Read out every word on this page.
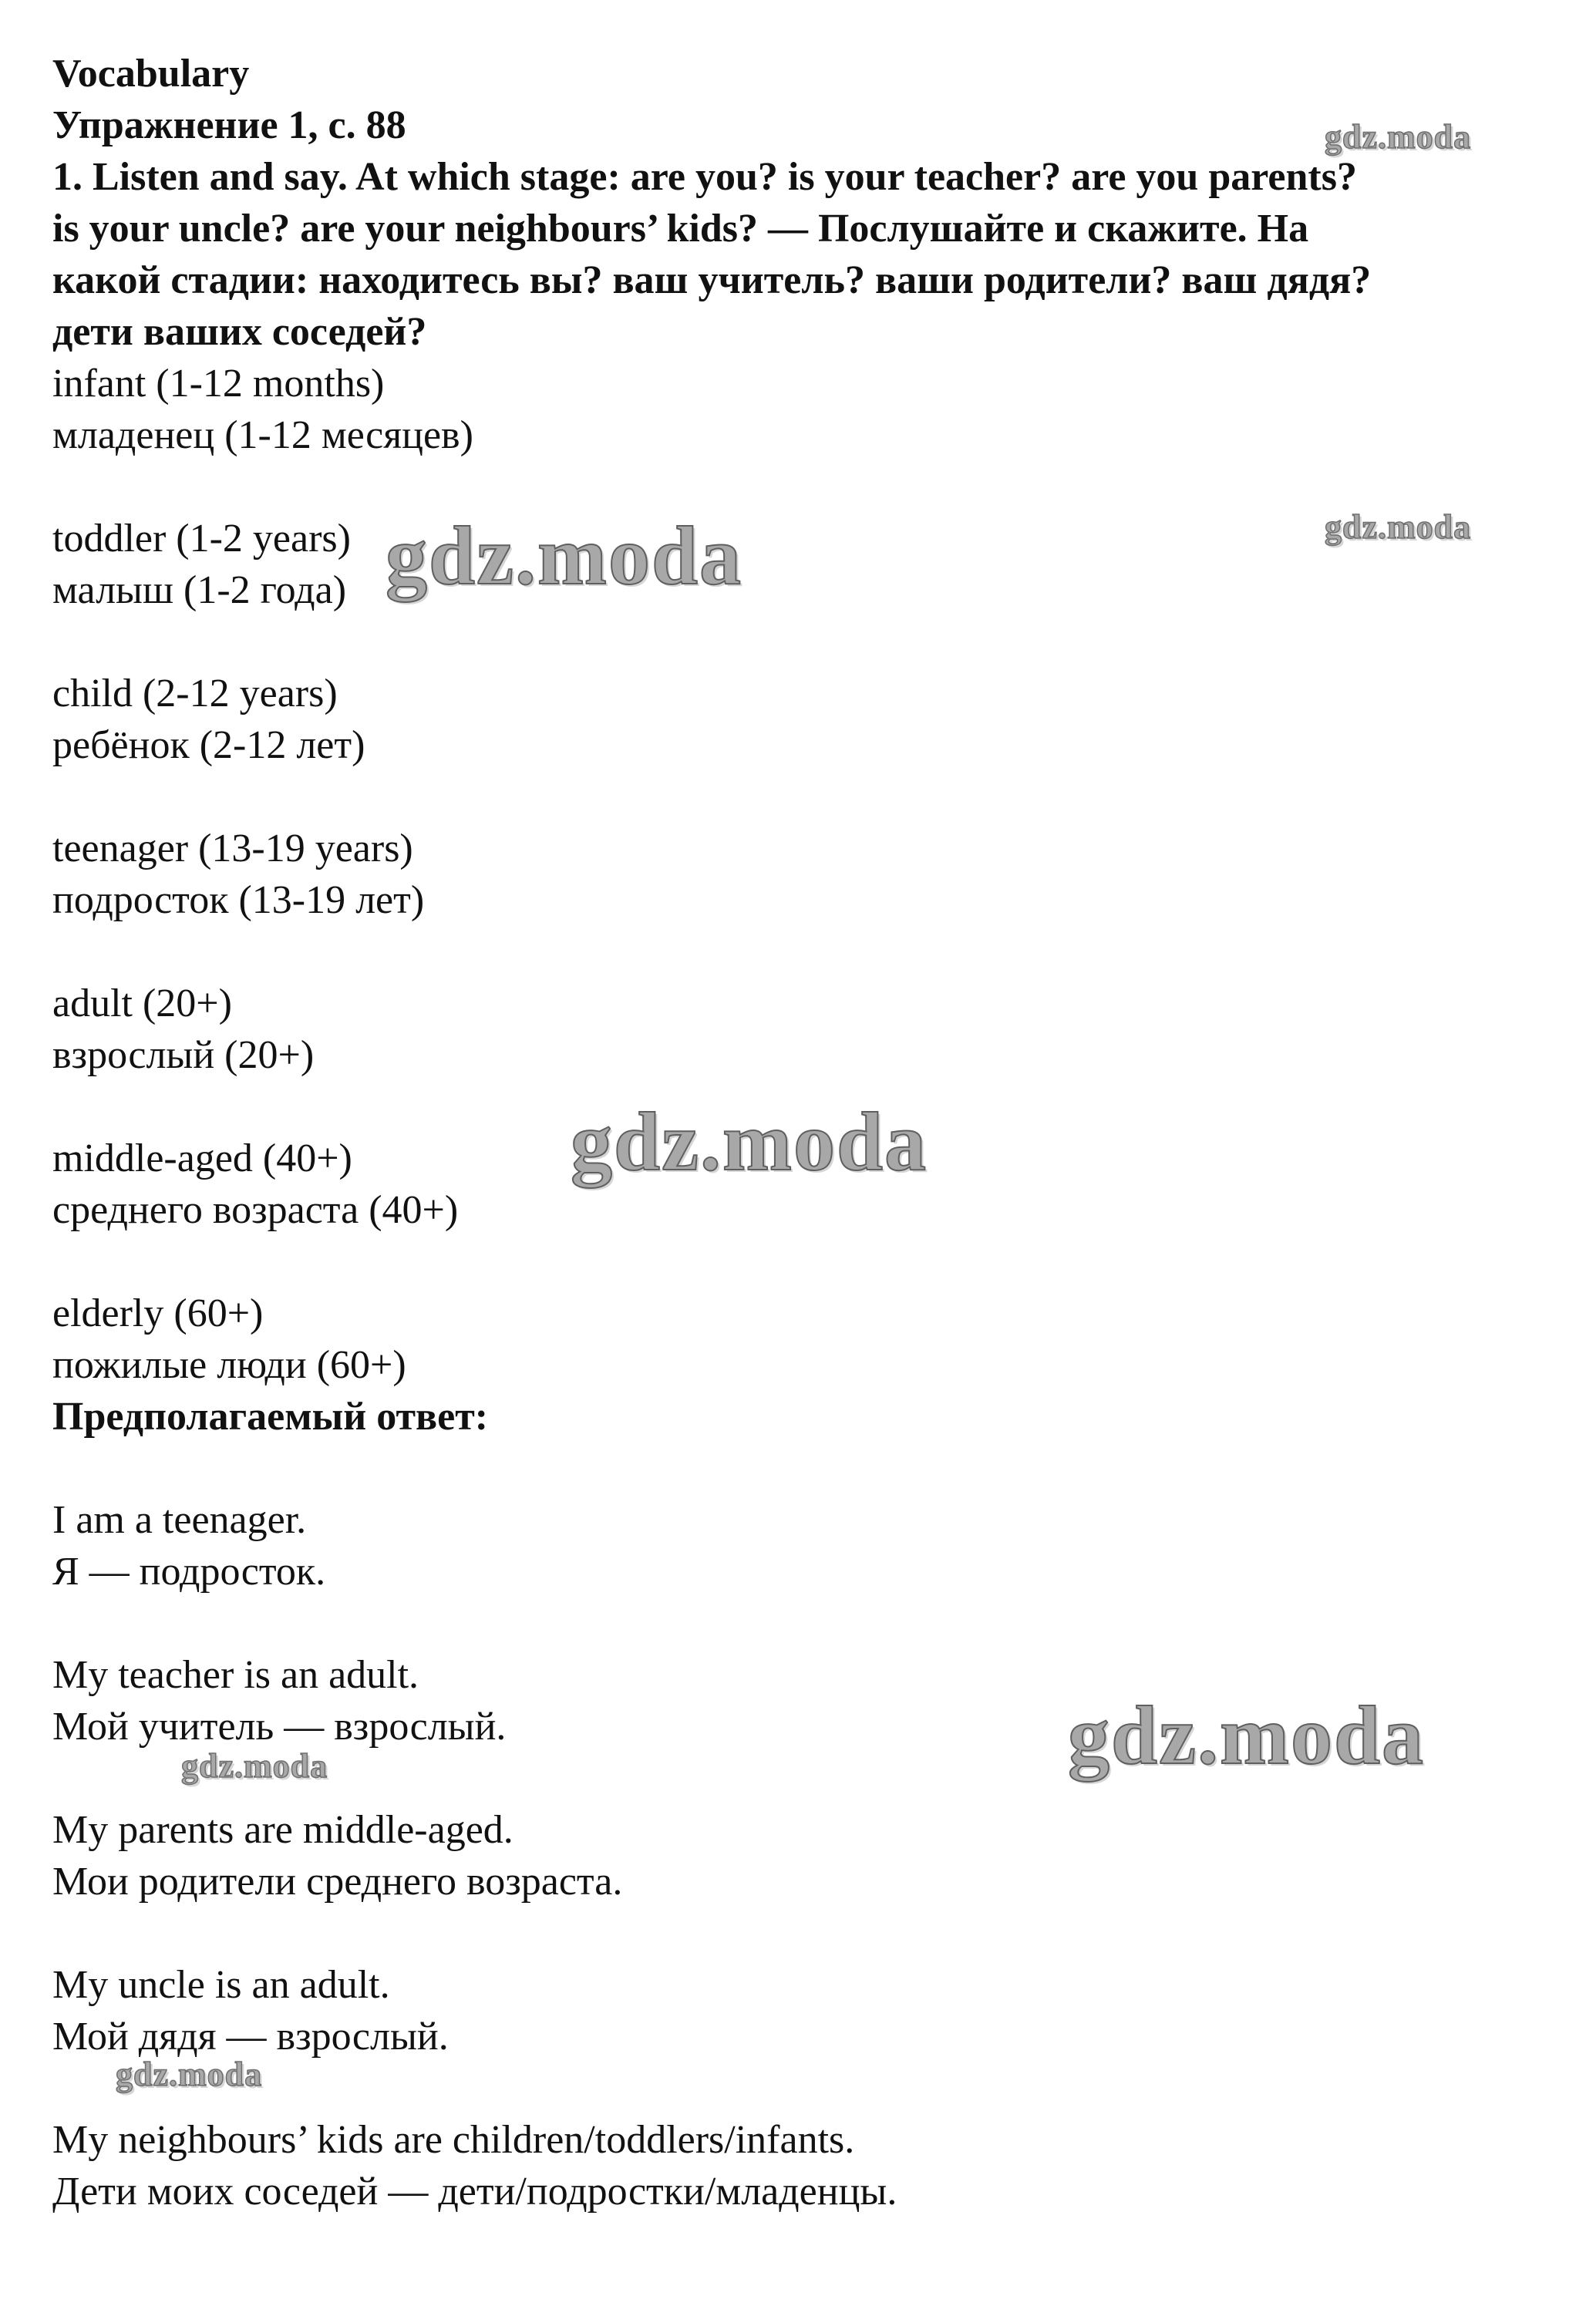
Vocabulary

Упражнение 1, с. 88

1. Listen and say. At which stage: are you? is your teacher? are you parents?

is your uncle? are your neighbours’ kids? — Послушайте и скажите. На

какой стадии: находитесь вы? ваш учитель? ваши родители? ваш дядя?

дети ваших соседей?

infant (1-12 months)

младенец (1-12 месяцев)

toddler (1-2 years)

малыш (1-2 года)

child (2-12 years)

ребёнок (2-12 лет)

teenager (13-19 years)

подросток (13-19 лет)

adult (20+)

взрослый (20+)

middle-aged (40+)

среднего возраста (40+)

elderly (60+)

пожилые люди (60+)

Предполагаемый ответ:

I am a teenager.

Я — подросток.

My teacher is an adult.

Мой учитель — взрослый.

My parents are middle-aged.

Мои родители среднего возраста.

My uncle is an adult.

Мой дядя — взрослый.

My neighbours’ kids are children/toddlers/infants.

Дети моих соседей — дети/подростки/младенцы.

gdz.moda
gdz.moda
gdz.moda
gdz.moda
gdz.moda
gdz.moda
gdz.moda
